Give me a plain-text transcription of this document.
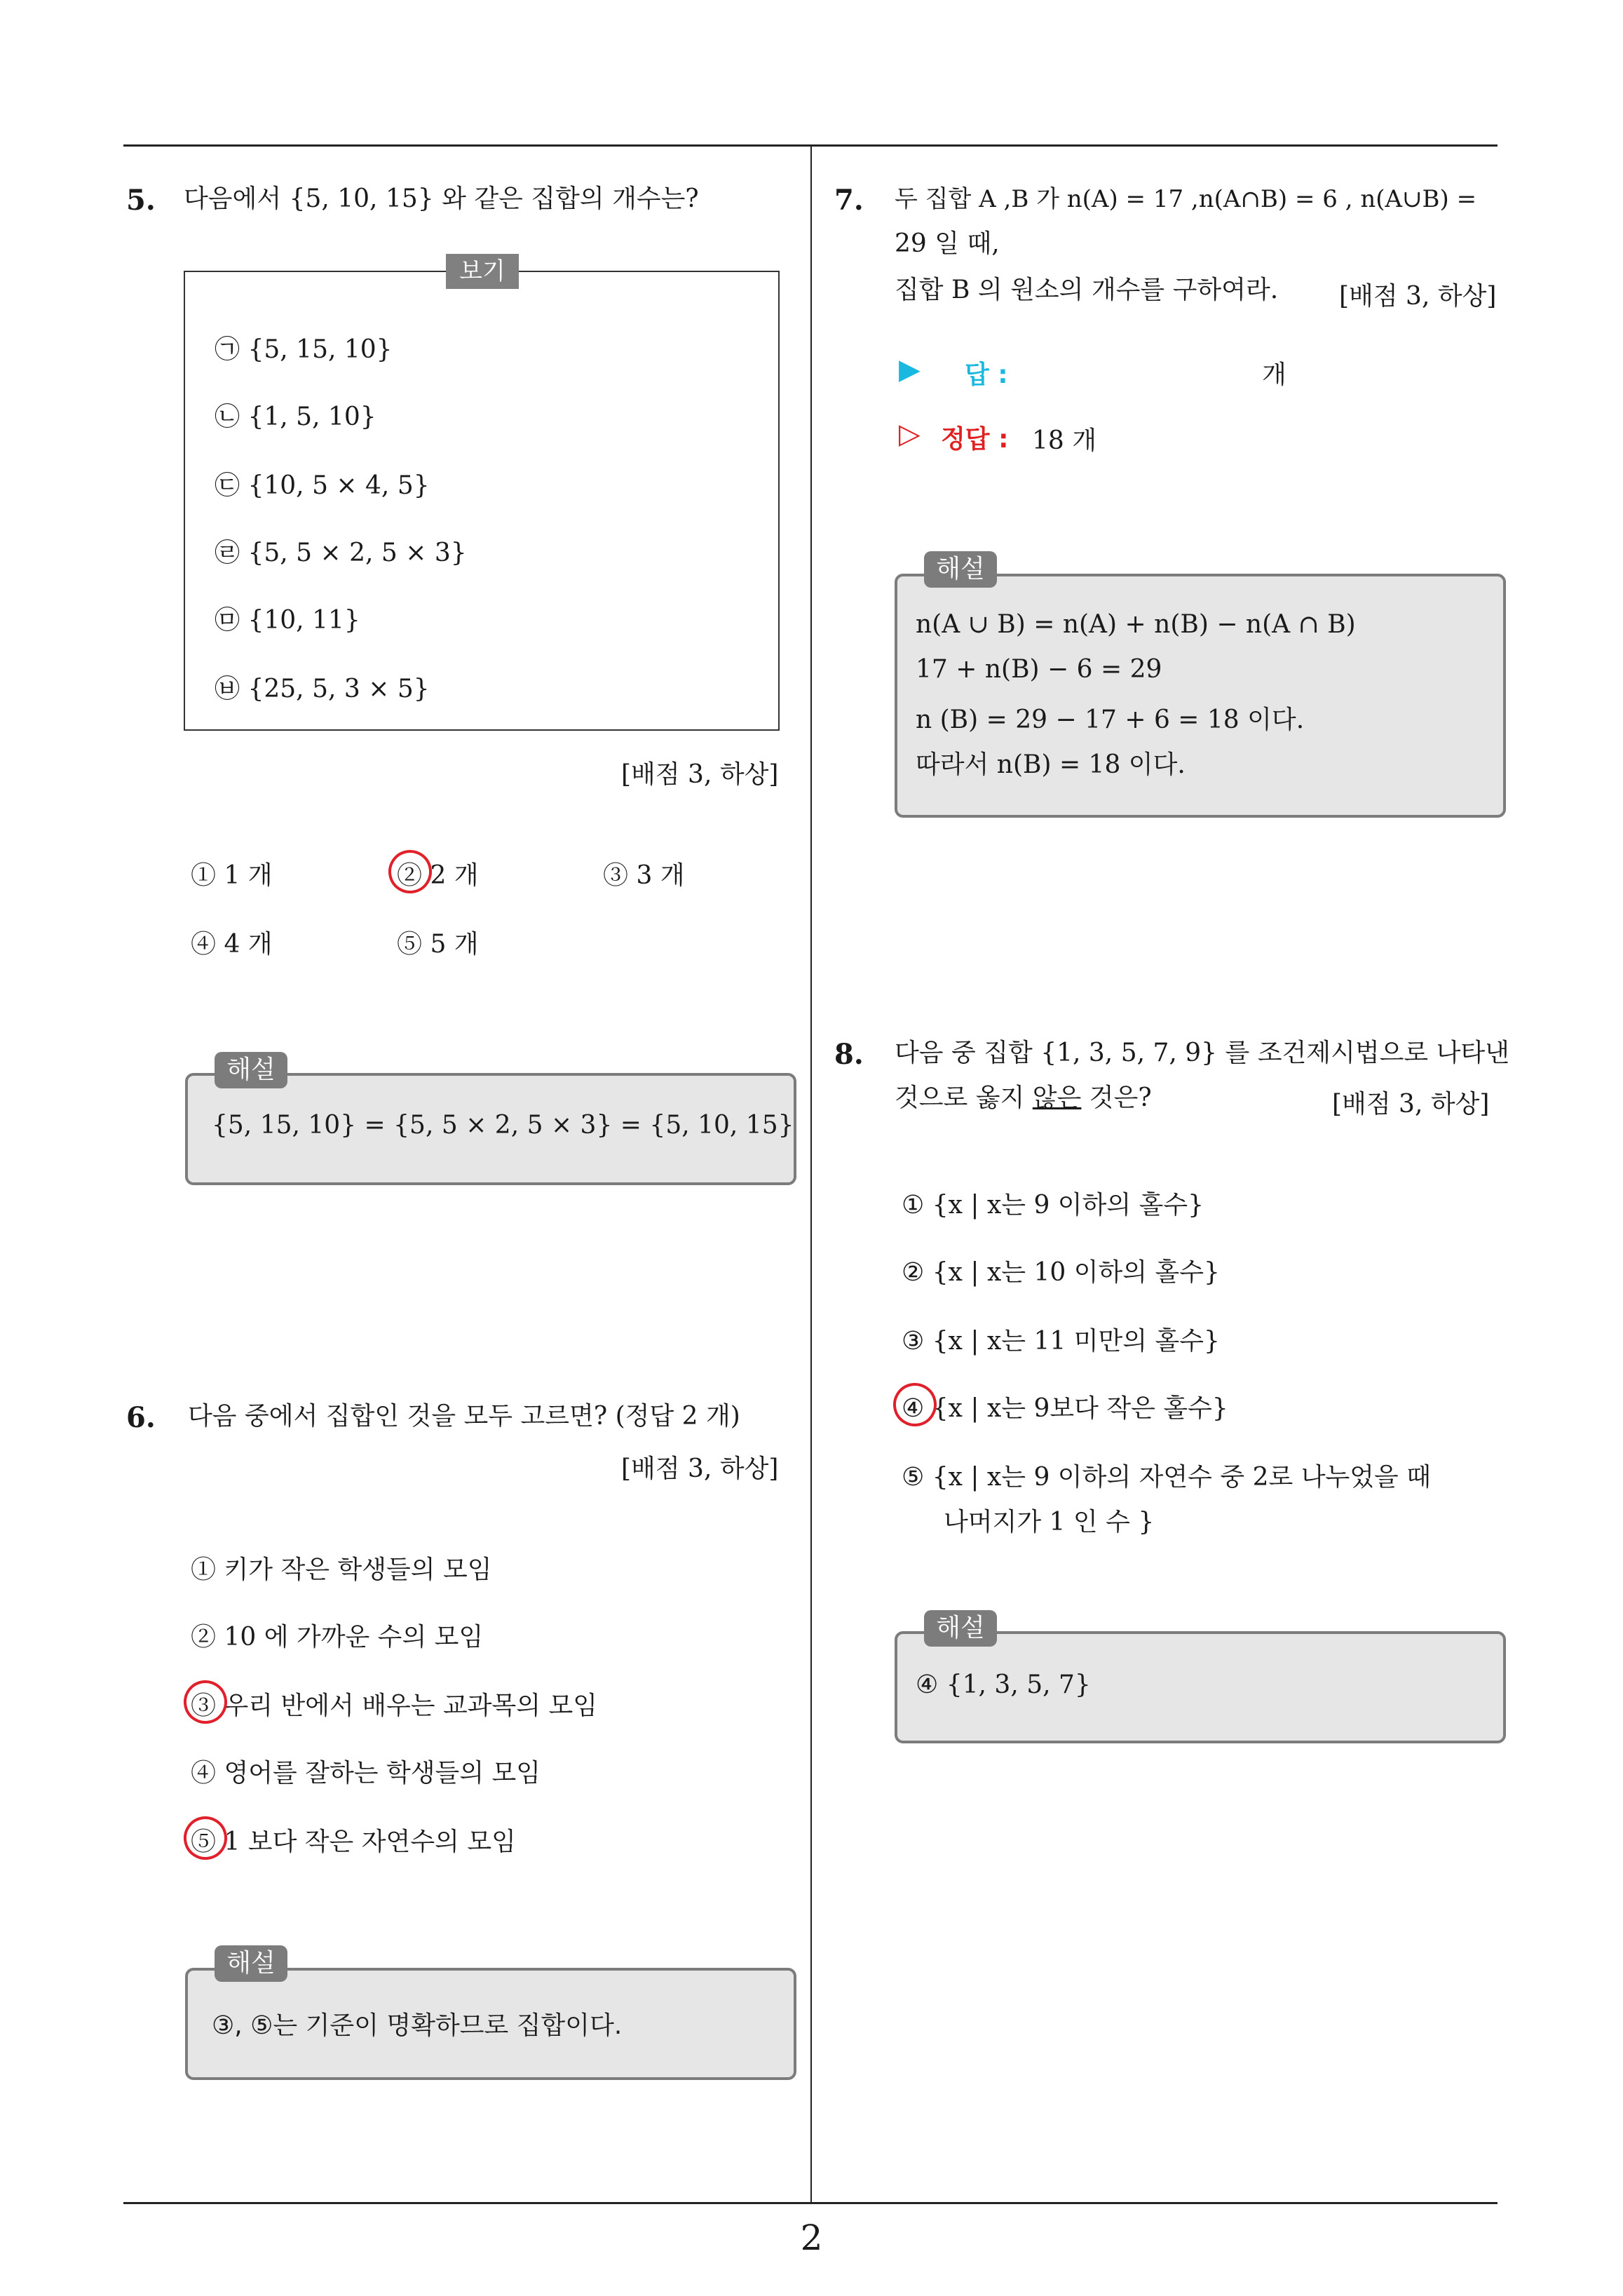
2
5. 다음에서 {5, 10, 15} 와 같은 집합의 개수는?
보기
㉠ {5, 15, 10}
㉡ {1, 5, 10}
㉢ {10, 5 × 4, 5}
㉣ {5, 5 × 2, 5 × 3}
㉤ {10, 11}
㉥ {25, 5, 3 × 5}
[배점 3, 하상]
① 1 개	② 2 개	③ 3 개
④ 4 개	⑤ 5 개
해설
{5, 15, 10} = {5, 5 × 2, 5 × 3} = {5, 10, 15}
6. 다음 중에서 집합인 것을 모두 고르면? (정답 2 개)
[배점 3, 하상]
① 키가 작은 학생들의 모임
② 10 에 가까운 수의 모임
③ 우리 반에서 배우는 교과목의 모임
④ 영어를 잘하는 학생들의 모임
⑤ 1 보다 작은 자연수의 모임
해설
③, ⑤는 기준이 명확하므로 집합이다.
7. 두 집합 A ,B 가 n(A) = 17 ,n(A∩B) = 6 , n(A∪B) =
29 일 때,
집합 B 의 원소의 개수를 구하여라. [배점 3, 하상]
▶ 답 :	개
▷ 정답 : 18 개
해설
n(A ∪ B) = n(A) + n(B) − n(A ∩ B)
17 + n(B) − 6 = 29
n (B) = 29 − 17 + 6 = 18 이다.
따라서 n(B) = 18 이다.
8. 다음 중 집합 {1, 3, 5, 7, 9} 를 조건제시법으로 나타낸
것으로 옳지 않은 것은?	[배점 3, 하상]
① {x | x는 9 이하의 홀수}
② {x | x는 10 이하의 홀수}
③ {x | x는 11 미만의 홀수}
④ {x | x는 9보다 작은 홀수}
⑤ {x | x는 9 이하의 자연수 중 2로 나누었을 때
나머지가 1 인 수 }
해설
④ {1, 3, 5, 7}
